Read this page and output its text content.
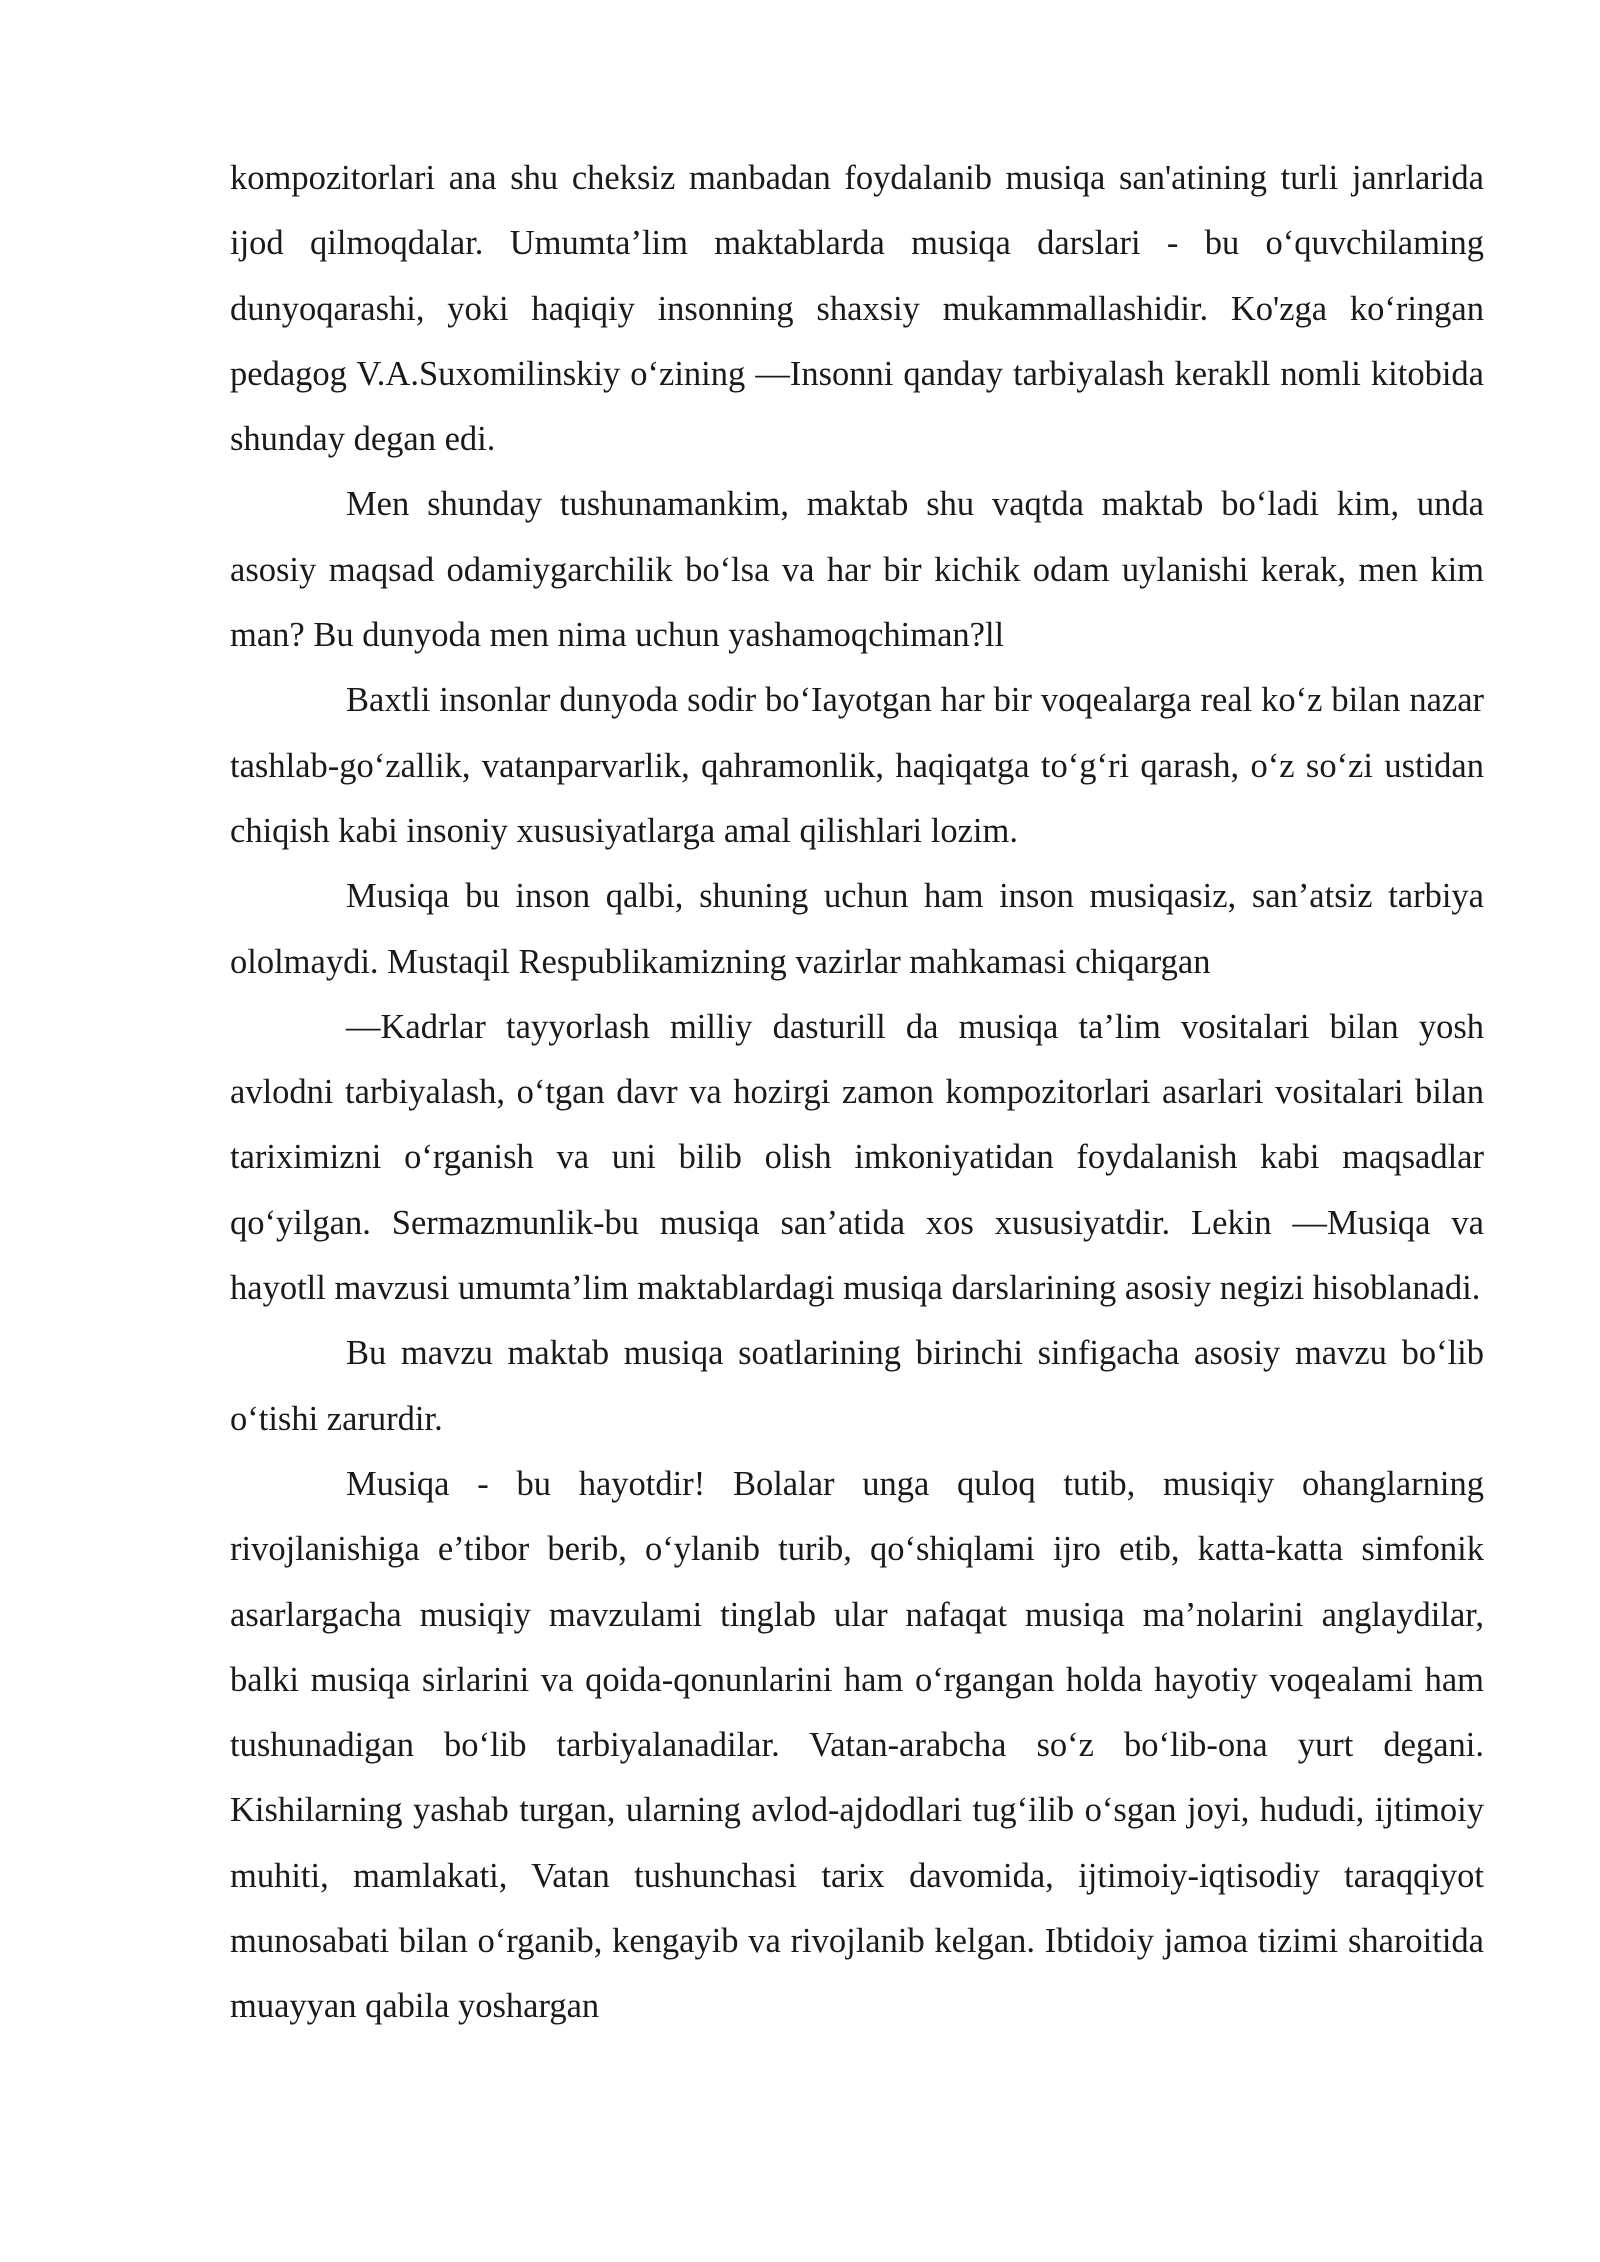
kompozitorlari ana shu cheksiz manbadan foydalanib musiqa san'atining turli janrlarida ijod qilmoqdalar. Umumta’lim maktablarda musiqa darslari - bu o‘quvchilaming dunyoqarashi, yoki haqiqiy insonning shaxsiy mukammallashidir. Ko'zga ko‘ringan pedagog V.A.Suxomilinskiy o‘zining ―Insonni qanday tarbiyalash kerakll nomli kitobida shunday degan edi.

Men shunday tushunamankim, maktab shu vaqtda maktab bo‘ladi kim, unda asosiy maqsad odamiygarchilik bo‘lsa va har bir kichik odam uylanishi kerak, men kim man? Bu dunyoda men nima uchun yashamoqchiman?ll

Baxtli insonlar dunyoda sodir bo‘Iayotgan har bir voqealarga real ko‘z bilan nazar tashlab-go‘zallik, vatanparvarlik, qahramonlik, haqiqatga to‘g‘ri qarash, o‘z so‘zi ustidan chiqish kabi insoniy xususiyatlarga amal qilishlari lozim.

Musiqa bu inson qalbi, shuning uchun ham inson musiqasiz, san’atsiz tarbiya ololmaydi. Mustaqil Respublikamizning vazirlar mahkamasi chiqargan

―Kadrlar tayyorlash milliy dasturill da musiqa ta’lim vositalari bilan yosh avlodni tarbiyalash, o‘tgan davr va hozirgi zamon kompozitorlari asarlari vositalari bilan tariximizni o‘rganish va uni bilib olish imkoniyatidan foydalanish kabi maqsadlar qo‘yilgan. Sermazmunlik-bu musiqa san’atida xos xususiyatdir. Lekin ―Musiqa va hayotll mavzusi umumta’lim maktablardagi musiqa darslarining asosiy negizi hisoblanadi.

Bu mavzu maktab musiqa soatlarining birinchi sinfigacha asosiy mavzu bo‘lib o‘tishi zarurdir.

Musiqa - bu hayotdir! Bolalar unga quloq tutib, musiqiy ohanglarning rivojlanishiga e’tibor berib, o‘ylanib turib, qo‘shiqlami ijro etib, katta-katta simfonik asarlargacha musiqiy mavzulami tinglab ular nafaqat musiqa ma’nolarini anglaydilar, balki musiqa sirlarini va qoida-qonunlarini ham o‘rgangan holda hayotiy voqealami ham tushunadigan bo‘lib tarbiyalanadilar. Vatan-arabcha so‘z bo‘lib-ona yurt degani. Kishilarning yashab turgan, ularning avlod-ajdodlari tug‘ilib o‘sgan joyi, hududi, ijtimoiy muhiti, mamlakati, Vatan tushunchasi tarix davomida, ijtimoiy-iqtisodiy taraqqiyot munosabati bilan o‘rganib, kengayib va rivojlanib kelgan. Ibtidoiy jamoa tizimi sharoitida muayyan qabila yoshargan
